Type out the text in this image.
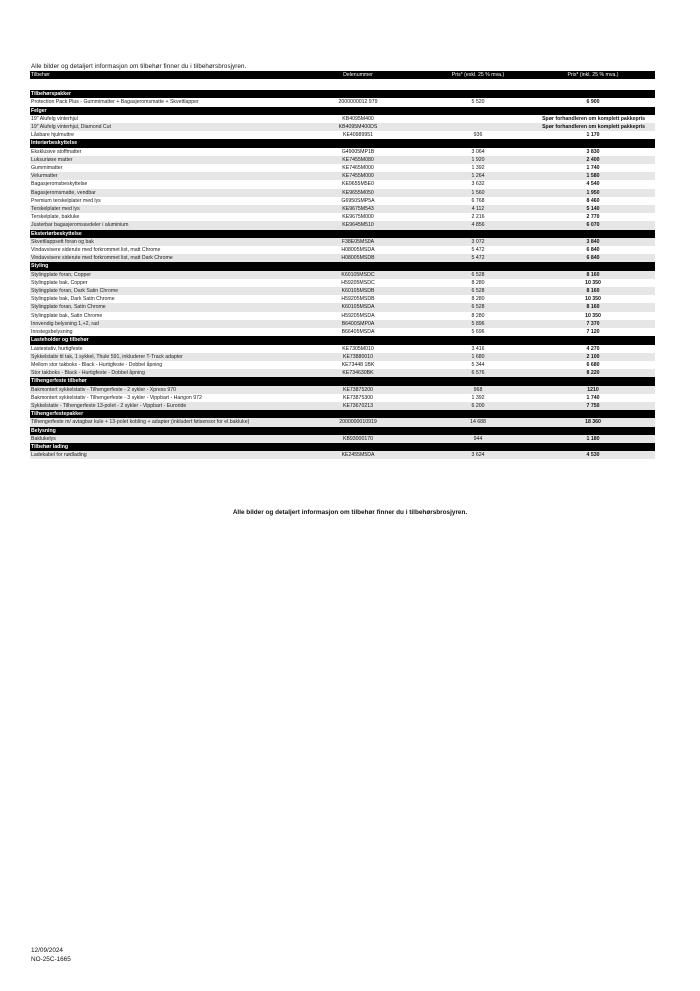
Alle bilder og detaljert informasjon om tilbehør finner du i tilbehørsbrosjyren.
Tilbehør	Delenummer	Pris* (exkl. 25 % mva.)	Pris* (inkl. 25 % mva.)

Tilbehørspakker			
Protection Pack Plus - Gummimatter + Bagasjeromsmatte + Skvettlapper	2000000012 979	5 520	6 900
Felger			
19" Alufelg vinterhjul	KB4095M400	Spør forhandleren om komplett pakkepris	
19" Alufelg vinterhjul, Diamond Cut	KB4095M400DS	Spør forhandleren om komplett pakkepris	
Låsbare hjulmuttre	KE40989951	936	1 170
Interiørbeskyttelse			
Eksklusive stoffmatter	G49005MP1B	3 064	3 830
Luksuriøse matter	KE7455M080	1 920	2 400
Gummimatter	KE7465M000	1 392	1 740
Velurmatter	KE7455M000	1 264	1 580
Bagasjeromsbeskyttelse	KE9655M5E0	3 632	4 540
Bagasjeromsmatte, vendbar	KE9655M050	1 560	1 950
Premium terskelplater med lys	G6950SMP5A	6 768	8 460
Terskelplater med lys	KE9675M543	4 112	5 140
Terskelplate, bakluke	KE9675M000	2 216	2 770
Justerbar bagasjeromsavdeler i aluminium	KE9645M510	4 856	6 070
Eksteriørbeskyttelse			
Skvettlappsett foran og bak	F38E05MS0A	3 072	3 840
Vindavvisere siderute med forkrommet list, matt Chrome	H08005MSDA	5 472	6 840
Vindavvisere siderute med forkrommet list, matt Dark Chrome	H08005MSDB	5 472	6 840
Styling			
Stylingplate foran, Copper	K60105MSDC	6 528	8 160
Stylingplate bak, Copper	H59205MSDC	8 280	10 350
Stylingplate foran, Dark Satin Chrome	K60105MSDB	6 528	8 160
Stylingplate bak, Dark Satin Chrome	H59205MSDB	8 280	10 350
Stylingplate foran, Satin Chrome	K60105MSDA	6 528	8 160
Stylingplate bak, Satin Chrome	H59205MSDA	8 280	10 350
Innvendig belysning 1,+2, rad	B6400SMP0A	5 896	7 370
Innstegsbelysning	B66405MSDA	5 696	7 120
Lasteholder og tilbehør			
Lastestativ, hurtigfeste	KE7305M010	3 416	4 270
Sykkelstativ til tak, 1 sykkel, Thule 591, inkluderer T-Track adapter	KE73880010	1 680	2 100
Mellom stor takboks - Black - Hurtigfeste - Dobbel åpning	KE73448 1BK	5 344	6 680
Stor takboks - Black - Hurtigfeste - Dobbel åpning	KE734630BK	6 576	8 220
Tilhengerfeste tilbehør			
Bakmontert sykkelstativ - Tilhengerfeste - 2 sykler - Xpress 970	KE73875200	968	1210
Bakmontert sykkelstativ - Tilhengerfeste - 3 sykler - Vippbart - Hangon 972	KE73875300	1 392	1 740
Sykkelstativ - Tilhengerfeste 13-polet - 2 sykler - Vippbart - Euroride	KE73670213	6 200	7 750
Tilhengerfestepakker			
Tilhengerfeste m/ avtagbar kule + 13-polet kobling + adapter (inkludert føtsensor for el.bakluke)	2000000010919	14 688	18 360
Belysning			
Baklukelys	KB93000170	944	1 180
Tilbehør lading			
Ladekabel for nødlading	KE2455M5DA	3 624	4 530
Alle bilder og detaljert informasjon om tilbehør finner du i tilbehørsbrosjyren.
12/09/2024
NO-25C-1665
